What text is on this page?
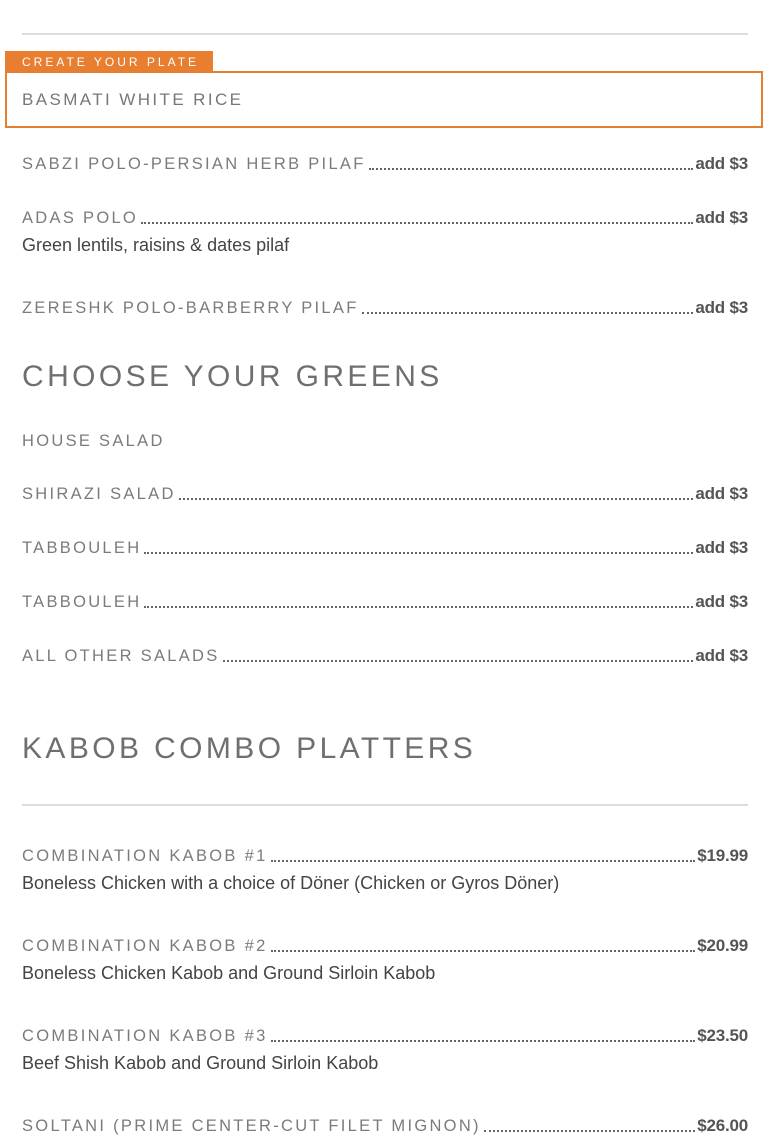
CREATE YOUR PLATE
BASMATI WHITE RICE
SABZI POLO-PERSIAN HERB PILAF	add $3
ADAS POLO	add $3
Green lentils, raisins & dates pilaf
ZERESHK POLO-BARBERRY PILAF	add $3
CHOOSE YOUR GREENS
HOUSE SALAD
SHIRAZI SALAD	add $3
TABBOULEH	add $3
TABBOULEH	add $3
ALL OTHER SALADS	add $3
KABOB COMBO PLATTERS
COMBINATION KABOB #1	$19.99
Boneless Chicken with a choice of Döner (Chicken or Gyros Döner)
COMBINATION KABOB #2	$20.99
Boneless Chicken Kabob and Ground Sirloin Kabob
COMBINATION KABOB #3	$23.50
Beef Shish Kabob and Ground Sirloin Kabob
SOLTANI (PRIME CENTER-CUT FILET MIGNON)	$26.00
